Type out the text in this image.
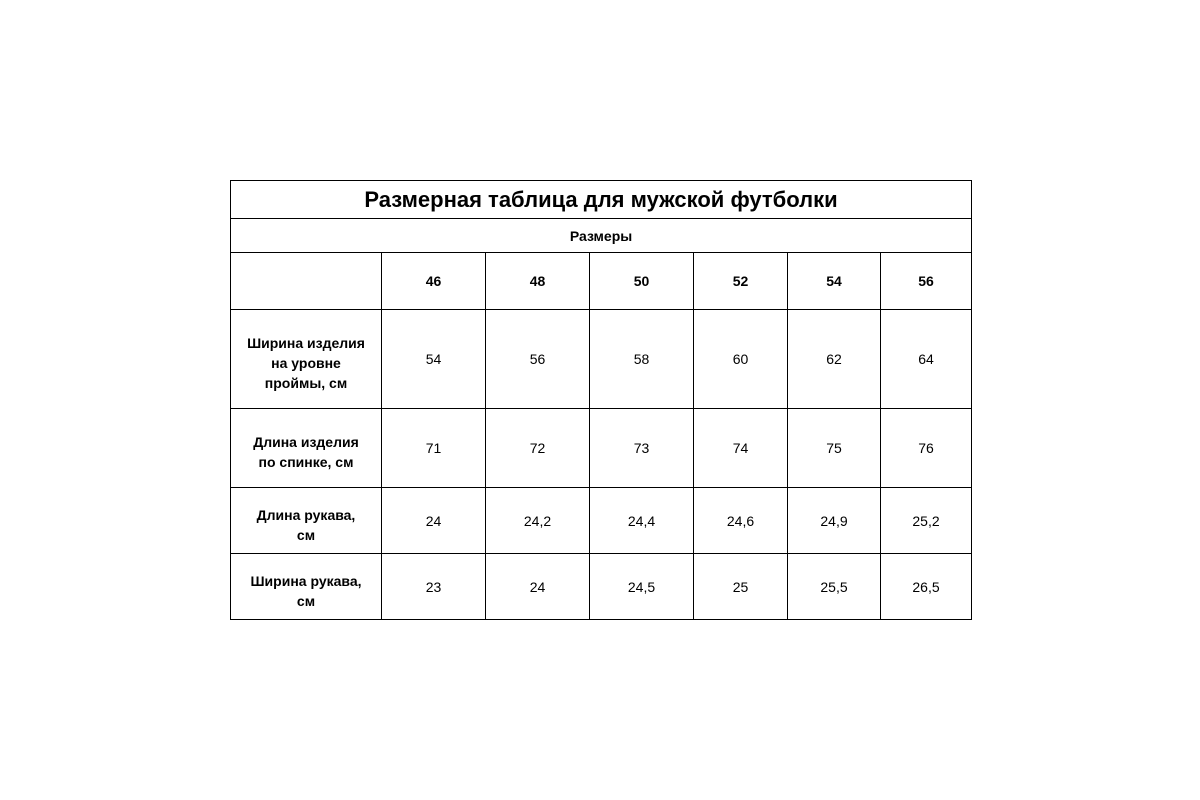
Размерная таблица для мужской футболки						
Размеры						
	46	48	50	52	54	56
Ширина изделия на уровне проймы, см	54	56	58	60	62	64
Длина изделия по спинке, см	71	72	73	74	75	76
Длина рукава, см	24	24,2	24,4	24,6	24,9	25,2
Ширина рукава, см	23	24	24,5	25	25,5	26,5
